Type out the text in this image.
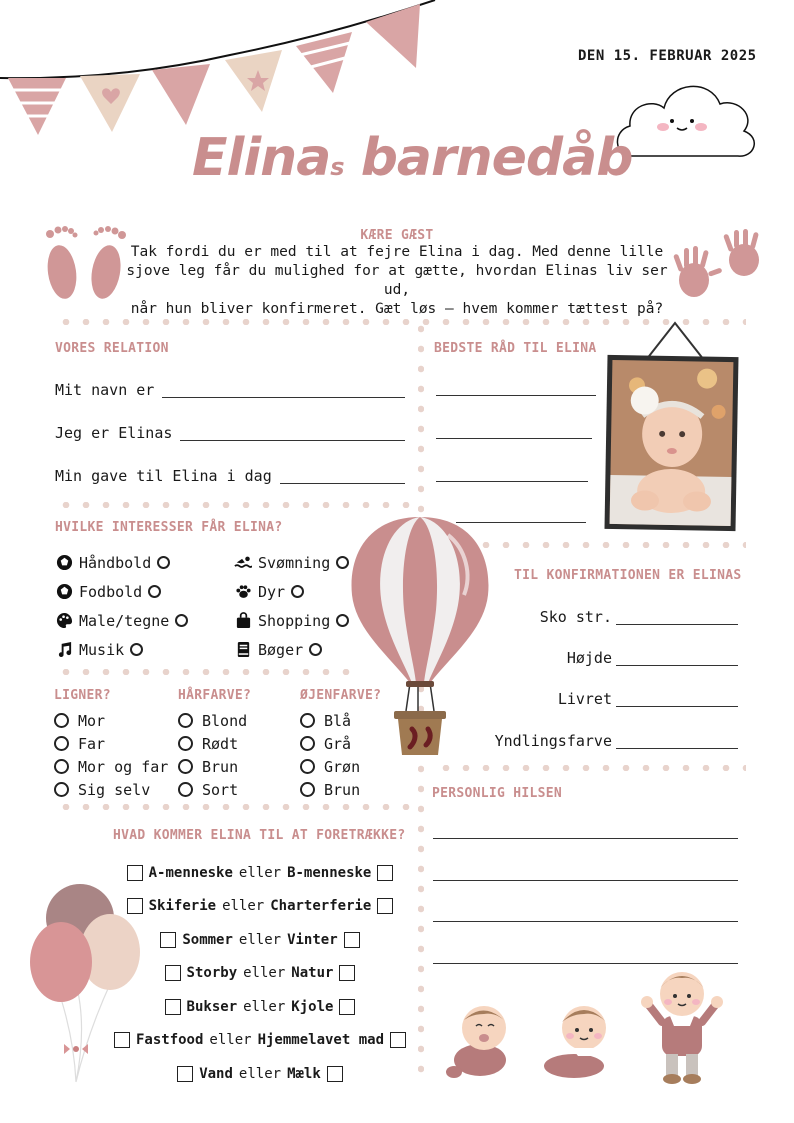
DEN 15. FEBRUAR 2025
Elinas barnedåb
KÆRE GÆST
Tak fordi du er med til at fejre Elina i dag. Med denne lille
sjove leg får du mulighed for at gætte, hvordan Elinas liv ser ud,
når hun bliver konfirmeret. Gæt løs – hvem kommer tættest på?
VORES RELATION
Mit navn er
Jeg er Elinas
Min gave til Elina i dag
BEDSTE RÅD TIL ELINA
HVILKE INTERESSER FÅR ELINA?
Håndbold
Fodbold
Male/tegne
Musik
Svømning
Dyr
Shopping
Bøger
LIGNER?
Mor
Far
Mor og far
Sig selv
HÅRFARVE?
Blond
Rødt
Brun
Sort
ØJENFARVE?
Blå
Grå
Grøn
Brun
TIL KONFIRMATIONEN ER ELINAS
Sko str.
Højde
Livret
Yndlingsfarve
PERSONLIG HILSEN
HVAD KOMMER ELINA TIL AT FORETRÆKKE?
A-menneske eller B-menneske
Skiferie eller Charterferie
Sommer eller Vinter
Storby eller Natur
Bukser eller Kjole
Fastfood eller Hjemmelavet mad
Vand eller Mælk
